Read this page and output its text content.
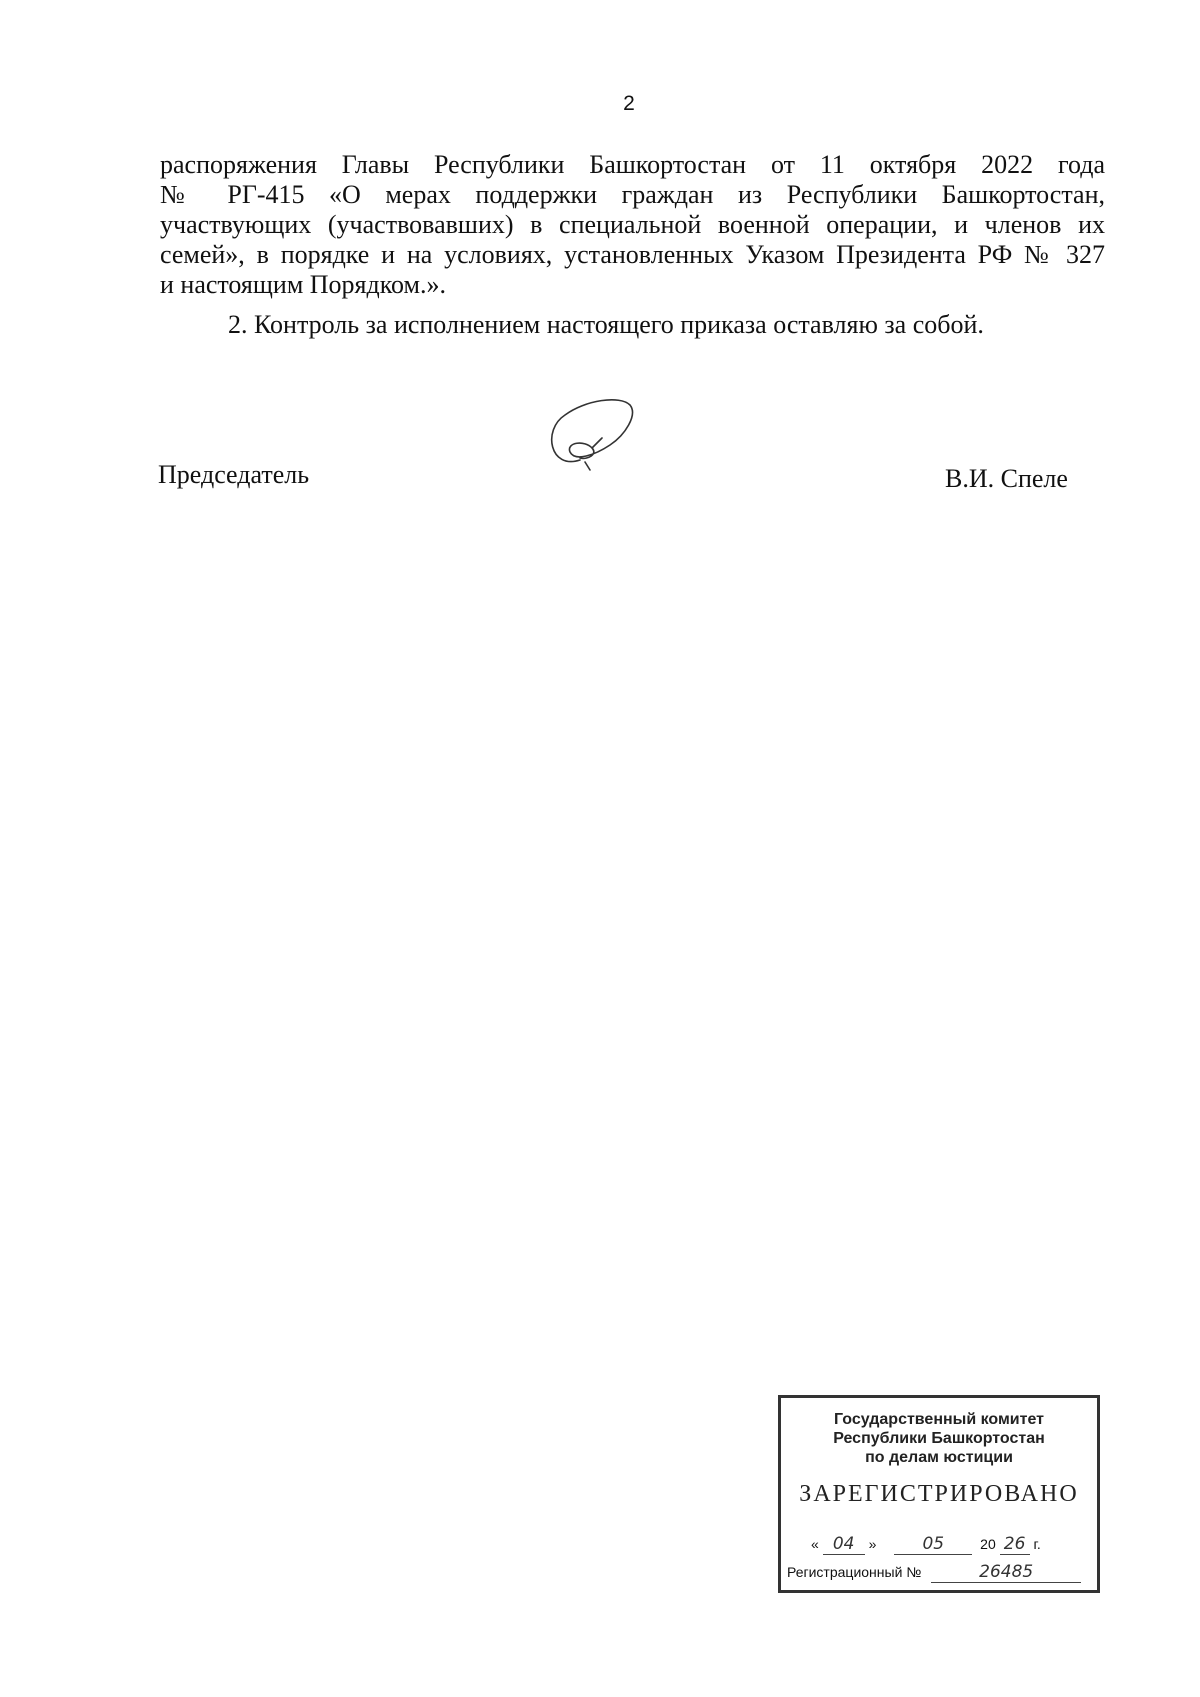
2

распоряжения Главы Республики Башкортостан от 11 октября 2022 года

№ РГ-415 «О мерах поддержки граждан из Республики Башкортостан,

участвующих (участвовавших) в специальной военной операции, и членов их

семей», в порядке и на условиях, установленных Указом Президента РФ № 327

и настоящим Порядком.».

2. Контроль за исполнением настоящего приказа оставляю за собой.

Председатель	В.И. Спеле
Государственный комитет
Республики Башкортостан
по делам юстиции
ЗАРЕГИСТРИРОВАНО
« 04 »	05	20 26 г.
Регистрационный №	26485
